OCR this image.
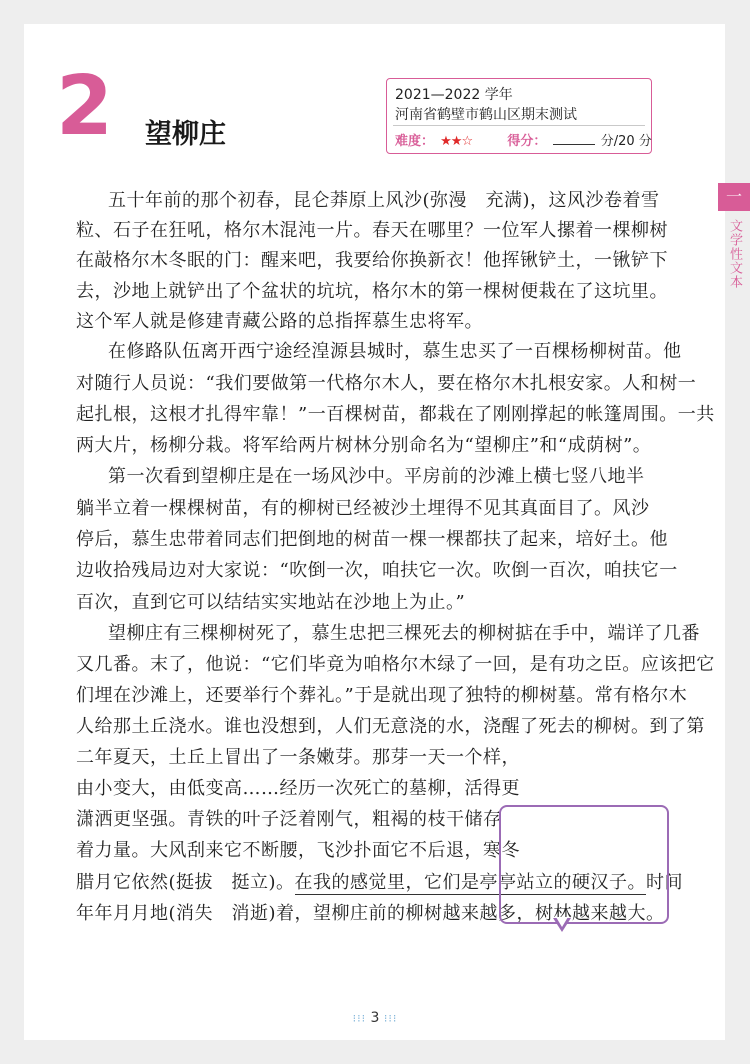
2 望柳庄
2021—2022 学年
河南省鹤壁市鹤山区期末测试
难度： ★★☆	得分：	分/20 分
一
文学性文本
五十年前的那个初春，昆仑莽原上风沙(弥漫　充满)，这风沙卷着雪
粒、石子在狂吼，格尔木混沌一片。春天在哪里？一位军人摞着一棵柳树
在敲格尔木冬眠的门：醒来吧，我要给你换新衣！他挥锹铲土，一锹铲下
去，沙地上就铲出了个盆状的坑坑，格尔木的第一棵树便栽在了这坑里。
这个军人就是修建青藏公路的总指挥慕生忠将军。
在修路队伍离开西宁途经湟源县城时，慕生忠买了一百棵杨柳树苗。他
对随行人员说：“我们要做第一代格尔木人，要在格尔木扎根安家。人和树一
起扎根，这根才扎得牢靠！”一百棵树苗，都栽在了刚刚撑起的帐篷周围。一共
两大片，杨柳分栽。将军给两片树林分别命名为“望柳庄”和“成荫树”。
第一次看到望柳庄是在一场风沙中。平房前的沙滩上横七竖八地半
躺半立着一棵棵树苗，有的柳树已经被沙土埋得不见其真面目了。风沙
停后，慕生忠带着同志们把倒地的树苗一棵一棵都扶了起来，培好土。他
边收拾残局边对大家说：“吹倒一次，咱扶它一次。吹倒一百次，咱扶它一
百次，直到它可以结结实实地站在沙地上为止。”
望柳庄有三棵柳树死了，慕生忠把三棵死去的柳树掂在手中，端详了几番
又几番。末了，他说：“它们毕竟为咱格尔木绿了一回，是有功之臣。应该把它
们埋在沙滩上，还要举行个葬礼。”于是就出现了独特的柳树墓。常有格尔木
人给那土丘浇水。谁也没想到，人们无意浇的水，浇醒了死去的柳树。到了第
二年夏天，土丘上冒出了一条嫩芽。那芽一天一个样，
由小变大，由低变高……经历一次死亡的墓柳，活得更
潇洒更坚强。青铁的叶子泛着刚气，粗褐的枝干储存
着力量。大风刮来它不断腰，飞沙扑面它不后退，寒冬
腊月它依然(挺拔　挺立)。在我的感觉里，它们是亭亭站立的硬汉子。时间
年年月月地(消失　消逝)着，望柳庄前的柳树越来越多，树林越来越大。
⁝⁝⁝ 3 ⁝⁝⁝
